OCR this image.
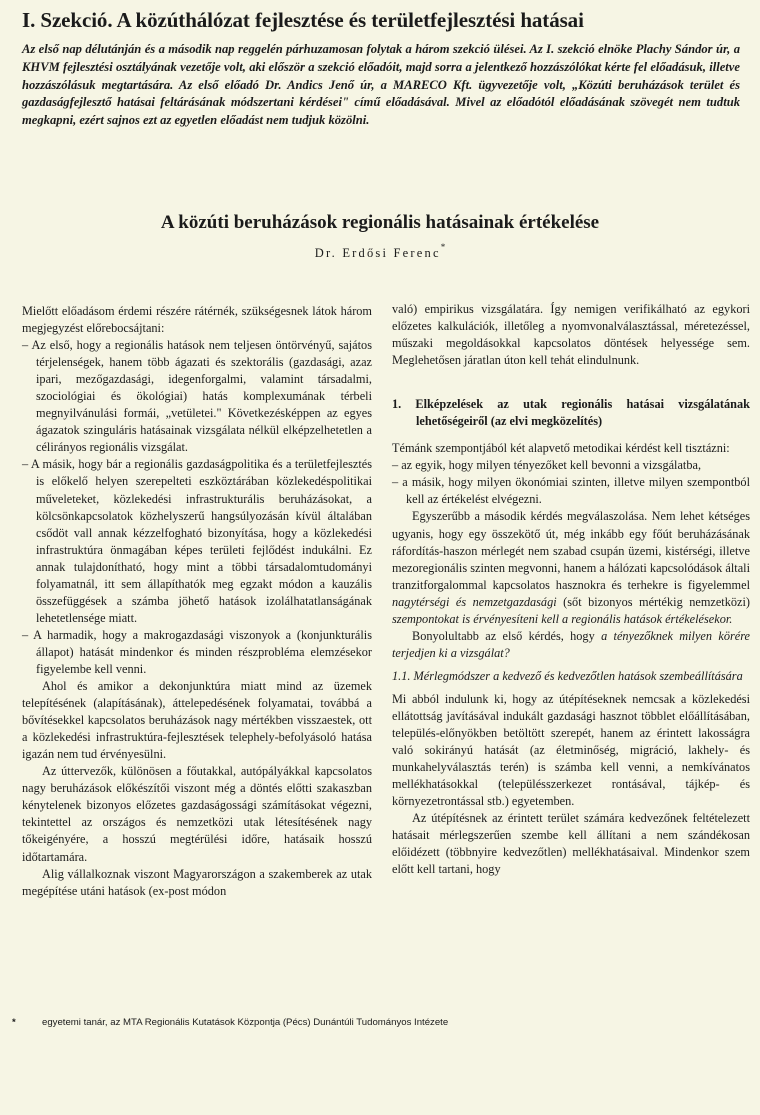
I. Szekció. A közúthálózat fejlesztése és területfejlesztési hatásai

Az első nap délutánján és a második nap reggelén párhuzamosan folytak a három szekció ülései. Az I. szekció elnöke Plachy Sándor úr, a KHVM fejlesztési osztályának vezetője volt, aki először a szekció előadóit, majd sorra a jelentkező hozzászólókat kérte fel előadásuk, illetve hozzászólásuk megtartására. Az első előadó Dr. Andics Jenő úr, a MARECO Kft. ügyvezetője volt, „Közúti beruházások terület és gazdaságfejlesztő hatásai feltárásának módszertani kérdései" című előadásával. Mivel az előadótól előadásának szövegét nem tudtuk megkapni, ezért sajnos ezt az egyetlen előadást nem tudjuk közölni.

A közúti beruházások regionális hatásainak értékelése

Dr. Erdősi Ferenc*

Mielőtt előadásom érdemi részére rátérnék, szükségesnek látok három megjegyzést előrebocsájtani:

– Az első, hogy a regionális hatások nem teljesen öntörvényű, sajátos térjelenségek, hanem több ágazati és szektorális (gazdasági, azaz ipari, mezőgazdasági, idegenforgalmi, valamint társadalmi, szociológiai és ökológiai) hatás komplexumának térbeli megnyilvánulási formái, „vetületei." Következésképpen az egyes ágazatok szinguláris hatásainak vizsgálata nélkül elképzelhetetlen a célirányos regionális vizsgálat.

– A másik, hogy bár a regionális gazdaságpolitika és a területfejlesztés is előkelő helyen szerepelteti eszköztárában közlekedéspolitikai műveleteket, közlekedési infrastrukturális beruházásokat, a kölcsönkapcsolatok közhelyszerű hangsúlyozásán kívül általában csődöt vall annak kézzelfogható bizonyítása, hogy a közlekedési infrastruktúra önmagában képes területi fejlődést indukálni. Ez annak tulajdonítható, hogy mint a többi társadalomtudományi folyamatnál, itt sem állapíthatók meg egzakt módon a kauzális összefüggések a számba jöhető hatások izolálhatatlanságának lehetetlensége miatt.

– A harmadik, hogy a makrogazdasági viszonyok a (konjunkturális állapot) hatását mindenkor és minden részprobléma elemzésekor figyelembe kell venni.

Ahol és amikor a dekonjunktúra miatt mind az üzemek telepítésének (alapításának), áttelepedésének folyamatai, továbbá a bővítésekkel kapcsolatos beruházások nagy mértékben visszaestek, ott a közlekedési infrastruktúra-fejlesztések telephely-befolyásoló hatása igazán nem tud érvényesülni.

Az úttervezők, különösen a főutakkal, autópályákkal kapcsolatos nagy beruházások előkészítői viszont még a döntés előtti szakaszban kénytelenek bizonyos előzetes gazdaságossági számításokat végezni, tekintettel az országos és nemzetközi utak létesítésének nagy tőkeigényére, a hosszú megtérülési időre, hatásaik hosszú időtartamára.

Alig vállalkoznak viszont Magyarországon a szakemberek az utak megépítése utáni hatások (ex-post módon

való) empirikus vizsgálatára. Így nemigen verifikálható az egykori előzetes kalkulációk, illetőleg a nyomvonalválasztással, méretezéssel, műszaki megoldásokkal kapcsolatos döntések helyessége sem. Meglehetősen járatlan úton kell tehát elindulnunk.

1. Elképzelések az utak regionális hatásai vizsgálatának lehetőségeiről (az elvi megközelítés)

Témánk szempontjából két alapvető metodikai kérdést kell tisztázni:

– az egyik, hogy milyen tényezőket kell bevonni a vizsgálatba,

– a másik, hogy milyen ökonómiai szinten, illetve milyen szempontból kell az értékelést elvégezni.

Egyszerűbb a második kérdés megválaszolása. Nem lehet kétséges ugyanis, hogy egy összekötő út, még inkább egy főút beruházásának ráfordítás-haszon mérlegét nem szabad csupán üzemi, kistérségi, illetve mezoregionális szinten megvonni, hanem a hálózati kapcsolódások általi tranzitforgalommal kapcsolatos hasznokra és terhekre is figyelemmel nagytérségi és nemzetgazdasági (sőt bizonyos mértékig nemzetközi) szempontokat is érvényesíteni kell a regionális hatások értékelésekor.

Bonyolultabb az első kérdés, hogy a tényezőknek milyen körére terjedjen ki a vizsgálat?

1.1. Mérlegmódszer a kedvező és kedvezőtlen hatások szembeállítására

Mi abból indulunk ki, hogy az útépítéseknek nemcsak a közlekedési ellátottság javításával indukált gazdasági hasznot többlet előállításában, település-előnyökben betöltött szerepét, hanem az érintett lakosságra való sokirányú hatását (az életminőség, migráció, lakhely- és munkahelyválasztás terén) is számba kell venni, a nemkívánatos mellékhatásokkal (településszerkezet rontásával, tájkép- és környezetrontással stb.) egyetemben.

Az útépítésnek az érintett terület számára kedvezőnek feltételezett hatásait mérlegszerűen szembe kell állítani a nem szándékosan előidézett (többnyire kedvezőtlen) mellékhatásaival. Mindenkor szem előtt kell tartani, hogy

*	egyetemi tanár, az MTA Regionális Kutatások Központja (Pécs) Dunántúli Tudományos Intézete
